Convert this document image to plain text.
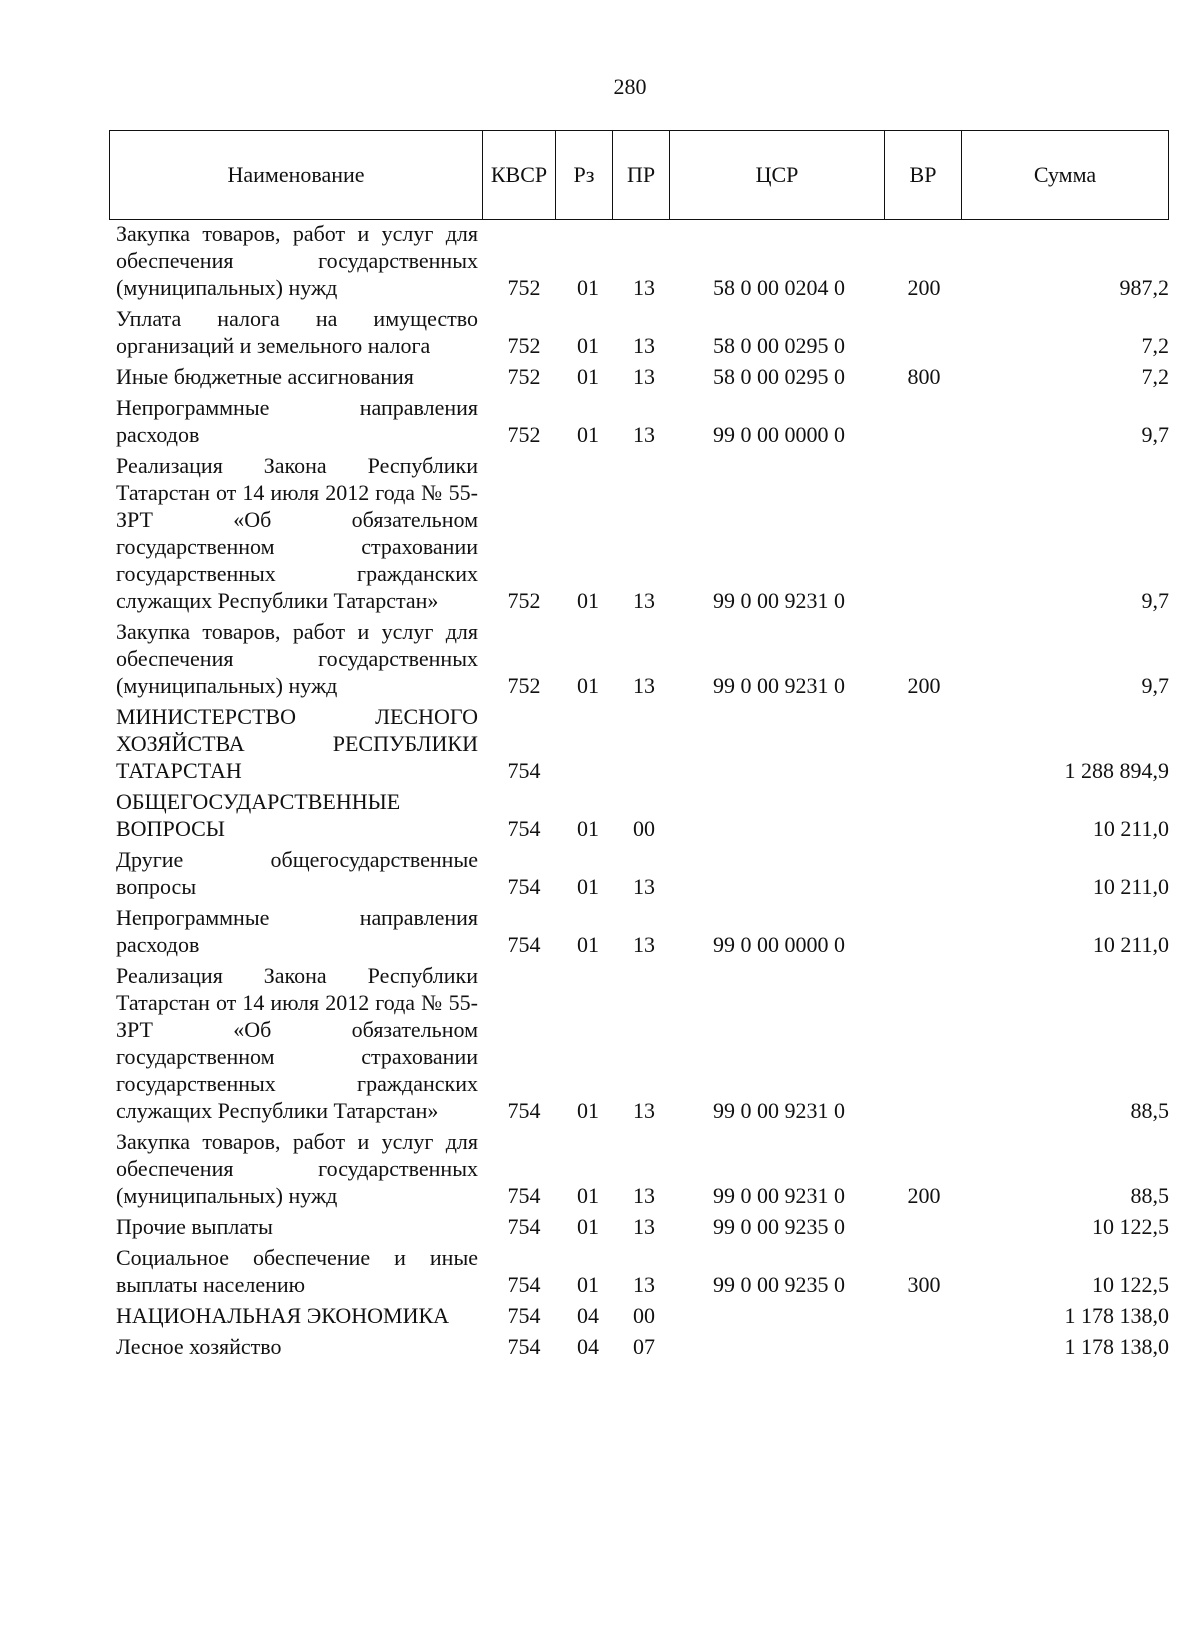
280
Наименование	КВСР	Рз	ПР	ЦСР	ВР	Сумма
Закупка товаров, работ и услуг для обеспечения государственных (муниципальных) нужд	752	01	13	58 0 00 0204 0	200	987,2
Уплата налога на имущество организаций и земельного налога	752	01	13	58 0 00 0295 0		7,2
Иные бюджетные ассигнования	752	01	13	58 0 00 0295 0	800	7,2
Непрограммные направления расходов	752	01	13	99 0 00 0000 0		9,7
Реализация Закона Республики Татарстан от 14 июля 2012 года № 55-ЗРТ «Об обязательном государственном страховании государственных гражданских служащих Республики Татарстан»	752	01	13	99 0 00 9231 0		9,7
Закупка товаров, работ и услуг для обеспечения государственных (муниципальных) нужд	752	01	13	99 0 00 9231 0	200	9,7
МИНИСТЕРСТВО ЛЕСНОГО ХОЗЯЙСТВА РЕСПУБЛИКИ ТАТАРСТАН	754					1 288 894,9
ОБЩЕГОСУДАРСТВЕННЫЕ ВОПРОСЫ	754	01	00			10 211,0
Другие общегосударственные вопросы	754	01	13			10 211,0
Непрограммные направления расходов	754	01	13	99 0 00 0000 0		10 211,0
Реализация Закона Республики Татарстан от 14 июля 2012 года № 55-ЗРТ «Об обязательном государственном страховании государственных гражданских служащих Республики Татарстан»	754	01	13	99 0 00 9231 0		88,5
Закупка товаров, работ и услуг для обеспечения государственных (муниципальных) нужд	754	01	13	99 0 00 9231 0	200	88,5
Прочие выплаты	754	01	13	99 0 00 9235 0		10 122,5
Социальное обеспечение и иные выплаты населению	754	01	13	99 0 00 9235 0	300	10 122,5
НАЦИОНАЛЬНАЯ ЭКОНОМИКА	754	04	00			1 178 138,0
Лесное хозяйство	754	04	07			1 178 138,0
